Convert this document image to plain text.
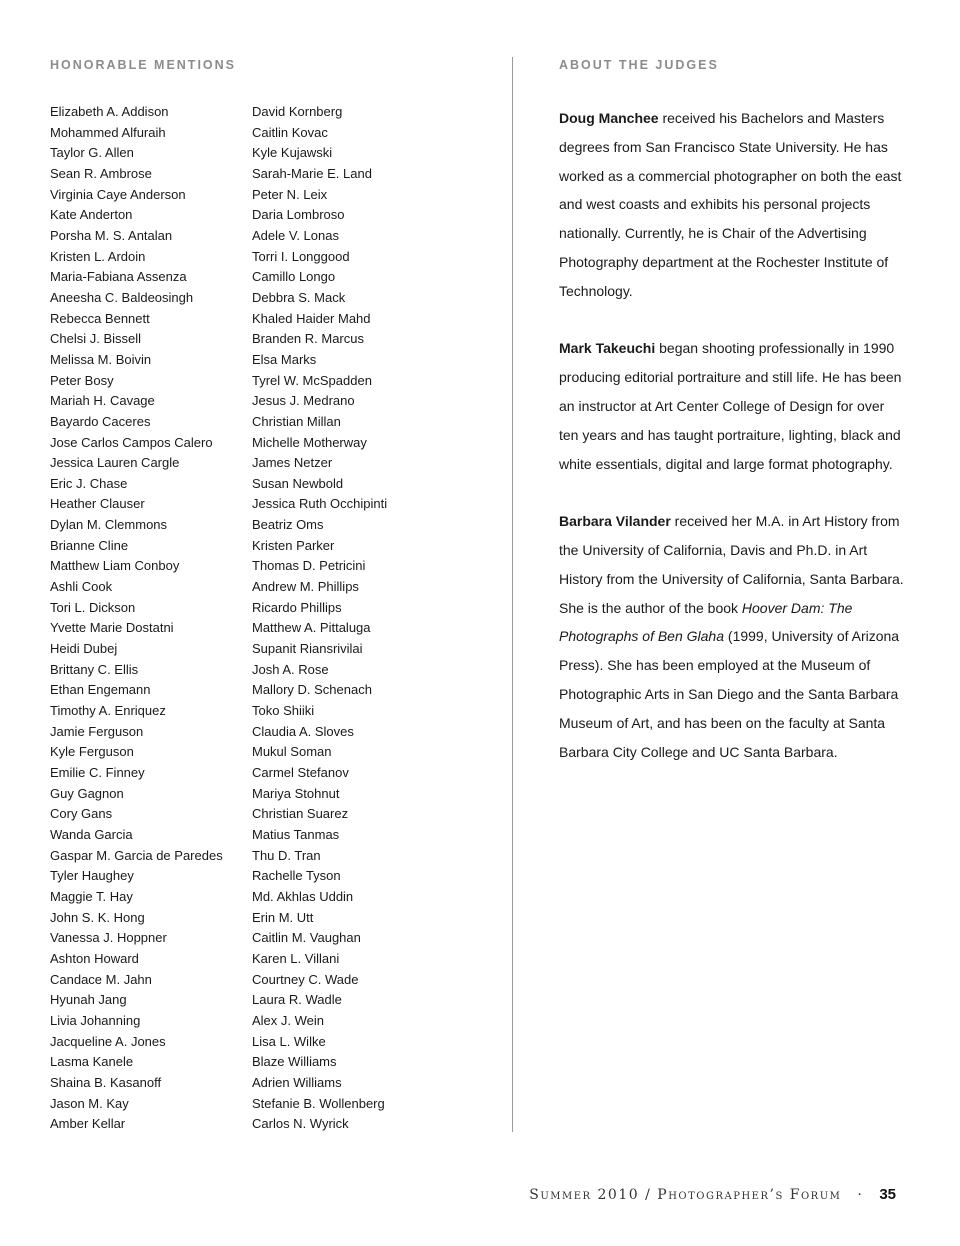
HONORABLE MENTIONS	ABOUT THE JUDGES
Elizabeth A. Addison
Mohammed Alfuraih
Taylor G. Allen
Sean R. Ambrose
Virginia Caye Anderson
Kate Anderton
Porsha M. S. Antalan
Kristen L. Ardoin
Maria-Fabiana Assenza
Aneesha C. Baldeosingh
Rebecca Bennett
Chelsi J. Bissell
Melissa M. Boivin
Peter Bosy
Mariah H. Cavage
Bayardo Caceres
Jose Carlos Campos Calero
Jessica Lauren Cargle
Eric J. Chase
Heather Clauser
Dylan M. Clemmons
Brianne Cline
Matthew Liam Conboy
Ashli Cook
Tori L. Dickson
Yvette Marie Dostatni
Heidi Dubej
Brittany C. Ellis
Ethan Engemann
Timothy A. Enriquez
Jamie Ferguson
Kyle Ferguson
Emilie C. Finney
Guy Gagnon
Cory Gans
Wanda Garcia
Gaspar M. Garcia de Paredes
Tyler Haughey
Maggie T. Hay
John S. K. Hong
Vanessa J. Hoppner
Ashton Howard
Candace M. Jahn
Hyunah Jang
Livia Johanning
Jacqueline A. Jones
Lasma Kanele
Shaina B. Kasanoff
Jason M. Kay
Amber Kellar
David Kornberg
Caitlin Kovac
Kyle Kujawski
Sarah-Marie E. Land
Peter N. Leix
Daria Lombroso
Adele V. Lonas
Torri I. Longgood
Camillo Longo
Debbra S. Mack
Khaled Haider Mahd
Branden R. Marcus
Elsa Marks
Tyrel W. McSpadden
Jesus J. Medrano
Christian Millan
Michelle Motherway
James Netzer
Susan Newbold
Jessica Ruth Occhipinti
Beatriz Oms
Kristen Parker
Thomas D. Petricini
Andrew M. Phillips
Ricardo Phillips
Matthew A. Pittaluga
Supanit Riansrivilai
Josh A. Rose
Mallory D. Schenach
Toko Shiiki
Claudia A. Sloves
Mukul Soman
Carmel Stefanov
Mariya Stohnut
Christian Suarez
Matius Tanmas
Thu D. Tran
Rachelle Tyson
Md. Akhlas Uddin
Erin M. Utt
Caitlin M. Vaughan
Karen L. Villani
Courtney C. Wade
Laura R. Wadle
Alex J. Wein
Lisa L. Wilke
Blaze Williams
Adrien Williams
Stefanie B. Wollenberg
Carlos N. Wyrick

Doug Manchee received his Bachelors and Masters degrees from San Francisco State University. He has worked as a commercial photographer on both the east and west coasts and exhibits his personal projects nationally. Currently, he is Chair of the Advertising Photography department at the Rochester Institute of Technology.

Mark Takeuchi began shooting professionally in 1990 producing editorial portraiture and still life. He has been an instructor at Art Center College of Design for over ten years and has taught portraiture, lighting, black and white essentials, digital and large format photography.

Barbara Vilander received her M.A. in Art History from the University of California, Davis and Ph.D. in Art History from the University of California, Santa Barbara. She is the author of the book Hoover Dam: The Photographs of Ben Glaha (1999, University of Arizona Press). She has been employed at the Museum of Photographic Arts in San Diego and the Santa Barbara Museum of Art, and has been on the faculty at Santa Barbara City College and UC Santa Barbara.

Summer 2010 / Photographer’s Forum · 35
